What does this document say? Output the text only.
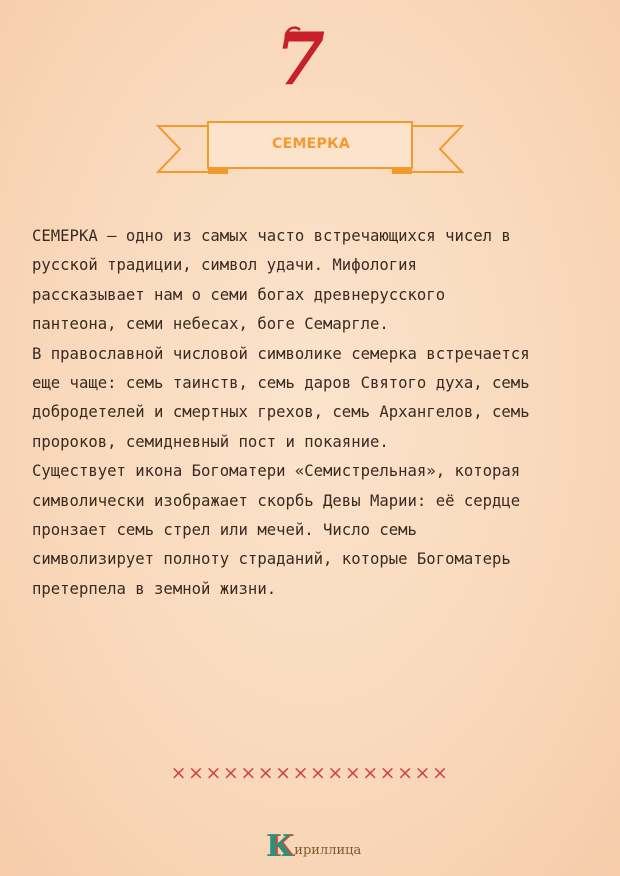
7
СЕМЕРКА
СЕМЕРКА – одно из самых часто встречающихся чисел в
русской традиции, символ удачи. Мифология
рассказывает нам о семи богах древнерусского
пантеона, семи небесах, боге Семаргле.
В православной числовой символике семерка встречается
еще чаще: семь таинств, семь даров Святого духа, семь
добродетелей и смертных грехов, семь Архангелов, семь
пророков, семидневный пост и покаяние.
Существует икона Богоматери «Семистрельная», которая
символически изображает скорбь Девы Марии: её сердце
пронзает семь стрел или мечей. Число семь
символизирует полноту страданий, которые Богоматерь
претерпела в земной жизни.
××××××××××××××××
К ириллица
